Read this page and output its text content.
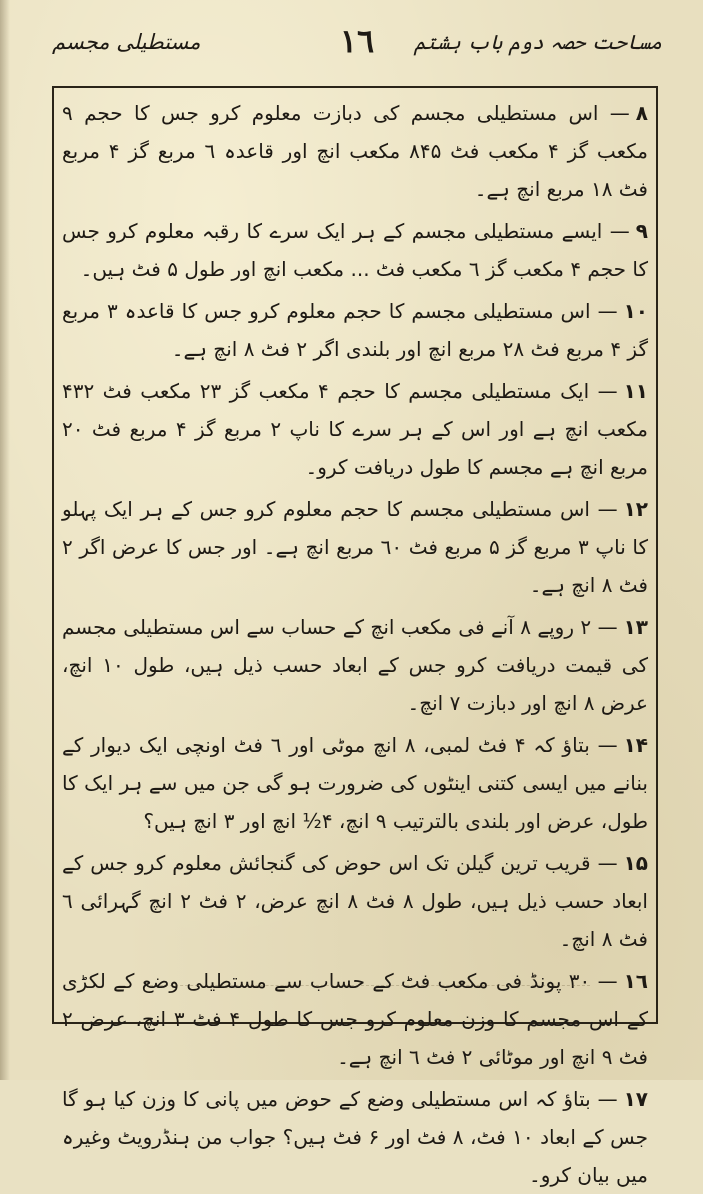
مساحت حصہ دوم باب ہشتم
۱٦
مستطیلی مجسم

۸— اس مستطیلی مجسم کی دبازت معلوم کرو جس کا حجم ۹ مکعب گز ۴ مکعب فٹ ۸۴۵ مکعب انچ اور قاعدہ ٦ مربع گز ۴ مربع فٹ ۱۸ مربع انچ ہے۔

۹— ایسے مستطیلی مجسم کے ہر ایک سرے کا رقبہ معلوم کرو جس کا حجم ۴ مکعب گز ٦ مکعب فٹ ... مکعب انچ اور طول ۵ فٹ ہیں۔

۱۰— اس مستطیلی مجسم کا حجم معلوم کرو جس کا قاعدہ ۳ مربع گز ۴ مربع فٹ ۲۸ مربع انچ اور بلندی اگر ۲ فٹ ۸ انچ ہے۔

۱۱— ایک مستطیلی مجسم کا حجم ۴ مکعب گز ۲۳ مکعب فٹ ۴۳۲ مکعب انچ ہے اور اس کے ہر سرے کا ناپ ۲ مربع گز ۴ مربع فٹ ۲۰ مربع انچ ہے مجسم کا طول دریافت کرو۔

۱۲— اس مستطیلی مجسم کا حجم معلوم کرو جس کے ہر ایک پہلو کا ناپ ۳ مربع گز ۵ مربع فٹ ٦۰ مربع انچ ہے۔ اور جس کا عرض اگر ۲ فٹ ۸ انچ ہے۔

۱۳— ۲ روپے ۸ آنے فی مکعب انچ کے حساب سے اس مستطیلی مجسم کی قیمت دریافت کرو جس کے ابعاد حسب ذیل ہیں، طول ۱۰ انچ، عرض ۸ انچ اور دبازت ۷ انچ۔

۱۴— بتاؤ کہ ۴ فٹ لمبی، ۸ انچ موٹی اور ٦ فٹ اونچی ایک دیوار کے بنانے میں ایسی کتنی اینٹوں کی ضرورت ہو گی جن میں سے ہر ایک کا طول، عرض اور بلندی بالترتیب ۹ انچ، ۴½ انچ اور ۳ انچ ہیں؟

۱۵— قریب ترین گیلن تک اس حوض کی گنجائش معلوم کرو جس کے ابعاد حسب ذیل ہیں، طول ۸ فٹ ۸ انچ عرض، ۲ فٹ ۲ انچ گہرائی ٦ فٹ ۸ انچ۔

۱٦— ۳۰ پونڈ فی مکعب فٹ کے حساب سے مستطیلی وضع کے لکڑی کے اس مجسم کا وزن معلوم کرو جس کا طول ۴ فٹ ۳ انچ، عرض ۲ فٹ ۹ انچ اور موٹائی ۲ فٹ ٦ انچ ہے۔

۱۷— بتاؤ کہ اس مستطیلی وضع کے حوض میں پانی کا وزن کیا ہو گا جس کے ابعاد ۱۰ فٹ، ۸ فٹ اور ۶ فٹ ہیں؟ جواب من ہنڈرویٹ وغیرہ میں بیان کرو۔
